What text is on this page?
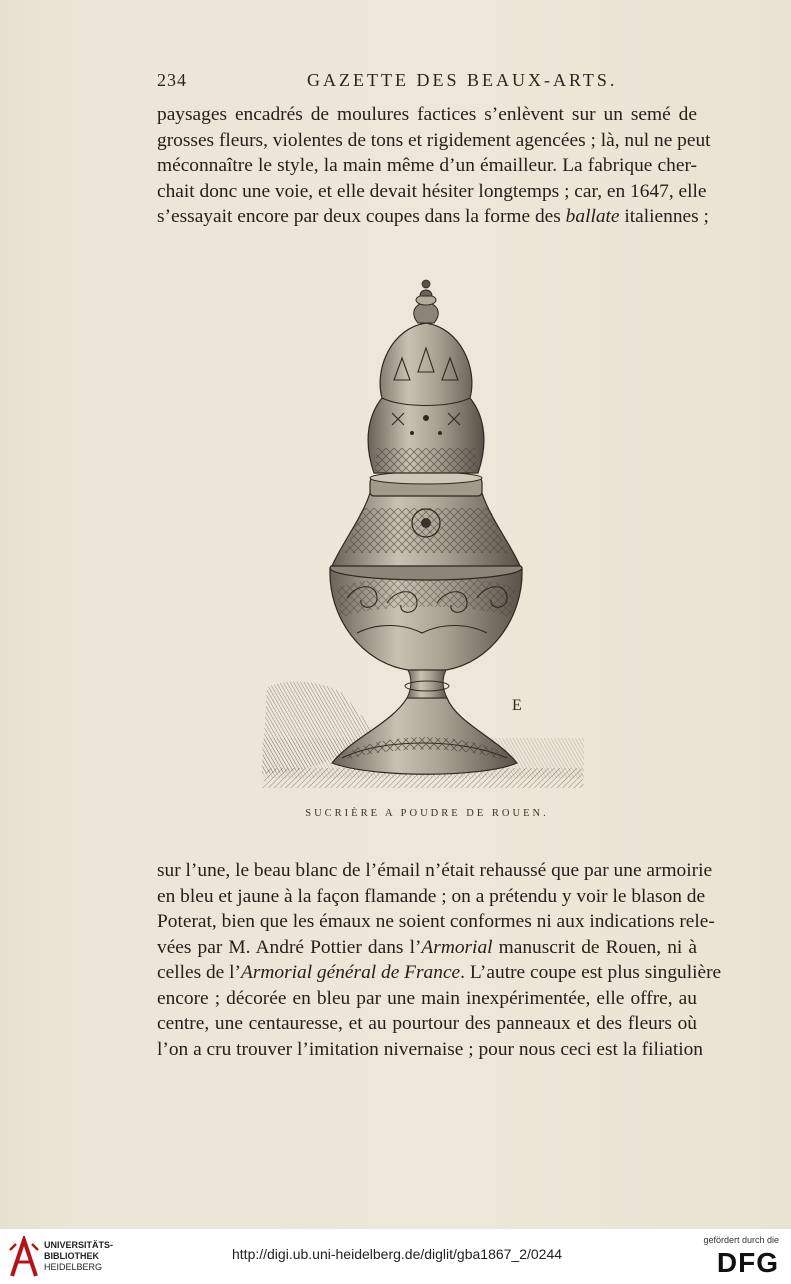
234	GAZETTE DES BEAUX-ARTS.
paysages encadrés de moulures factices s’enlèvent sur un semé de
grosses fleurs, violentes de tons et rigidement agencées ; là, nul ne peut
méconnaître le style, la main même d’un émailleur. La fabrique cher-
chait donc une voie, et elle devait hésiter longtemps ; car, en 1647, elle
s’essayait encore par deux coupes dans la forme des ballate italiennes ;
E
SUCRIÈRE A POUDRE DE ROUEN.
sur l’une, le beau blanc de l’émail n’était rehaussé que par une armoirie
en bleu et jaune à la façon flamande ; on a prétendu y voir le blason de
Poterat, bien que les émaux ne soient conformes ni aux indications rele-
vées par M. André Pottier dans l’Armorial manuscrit de Rouen, ni à
celles de l’Armorial général de France. L’autre coupe est plus singulière
encore ; décorée en bleu par une main inexpérimentée, elle offre, au
centre, une centauresse, et au pourtour des panneaux et des fleurs où
l’on a cru trouver l’imitation nivernaise ; pour nous ceci est la filiation
UNIVERSITÄTS-
BIBLIOTHEK
HEIDELBERG
http://digi.ub.uni-heidelberg.de/diglit/gba1867_2/0244
gefördert durch die
DFG
